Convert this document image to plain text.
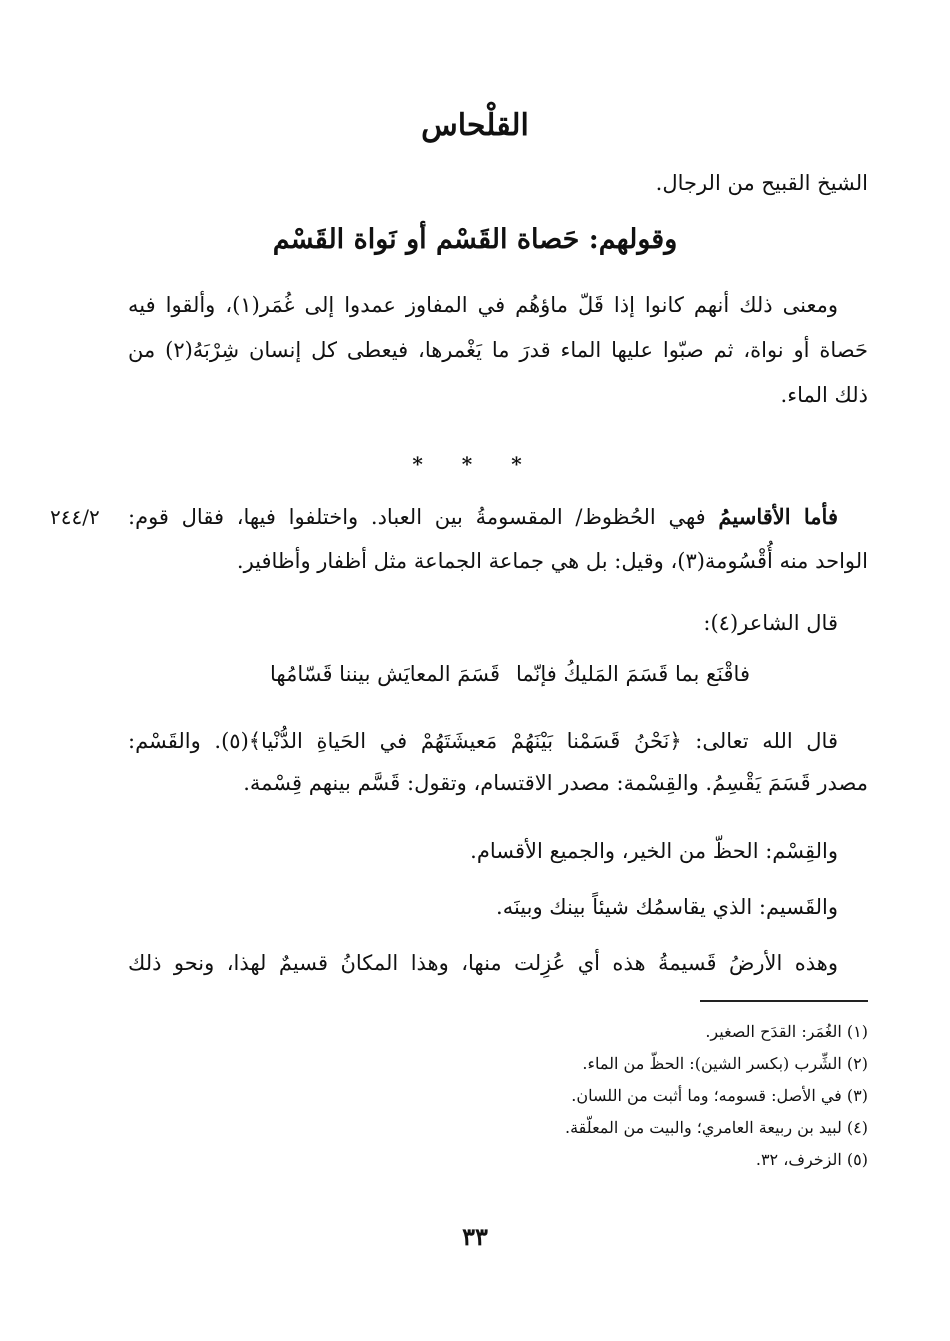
القلْحاس
الشيخ القبيح من الرجال.
وقولهم: حَصاة القَسْم أو نَواة القَسْم
ومعنى ذلك أنهم كانوا إذا قَلّ ماؤهُم في المفاوز عمدوا إلى غُمَر(١)، وألقوا فيه
حَصاة أو نواة، ثم صبّوا عليها الماء قدرَ ما يَغْمرها، فيعطى كل إنسان شِرْبَهُ(٢) من
ذلك الماء.
* * *
٢٤٤/٢	فأما الأقاسيمُ فهي الحُظوظ/ المقسومةُ بين العباد. واختلفوا فيها، فقال قوم:
الواحد منه أُقْسُومة(٣)، وقيل: بل هي جماعة الجماعة مثل أظفار وأظافير.
قال الشاعر(٤):
فاقْنَع بما قَسَمَ المَليكُ فإنّما
قَسَمَ المعايَش بيننا قَسّامُها
قال الله تعالى: ﴿نَحْنُ قَسَمْنا بَيْنَهُمْ مَعيشَتَهُمْ في الحَياةِ الدُّنْيا﴾(٥). والقَسْم:
مصدر قَسَمَ يَقْسِمُ. والقِسْمة: مصدر الاقتسام، وتقول: قَسَّم بينهم قِسْمة.
والقِسْم: الحظّ من الخير، والجميع الأقسام.
والقَسيم: الذي يقاسمُك شيئاً بينك وبينَه.
وهذه الأرضُ قَسيمةُ هذه أي عُزِلت منها، وهذا المكانُ قسيمٌ لهذا، ونحو ذلك
(١) الغُمَر: القدَح الصغير.
(٢) الشِّرب (بكسر الشين): الحظّ من الماء.
(٣) في الأصل: قسومه؛ وما أثبت من اللسان.
(٤) لبيد بن ربيعة العامري؛ والبيت من المعلّقة.
(٥) الزخرف، ٣٢.
٣٣
